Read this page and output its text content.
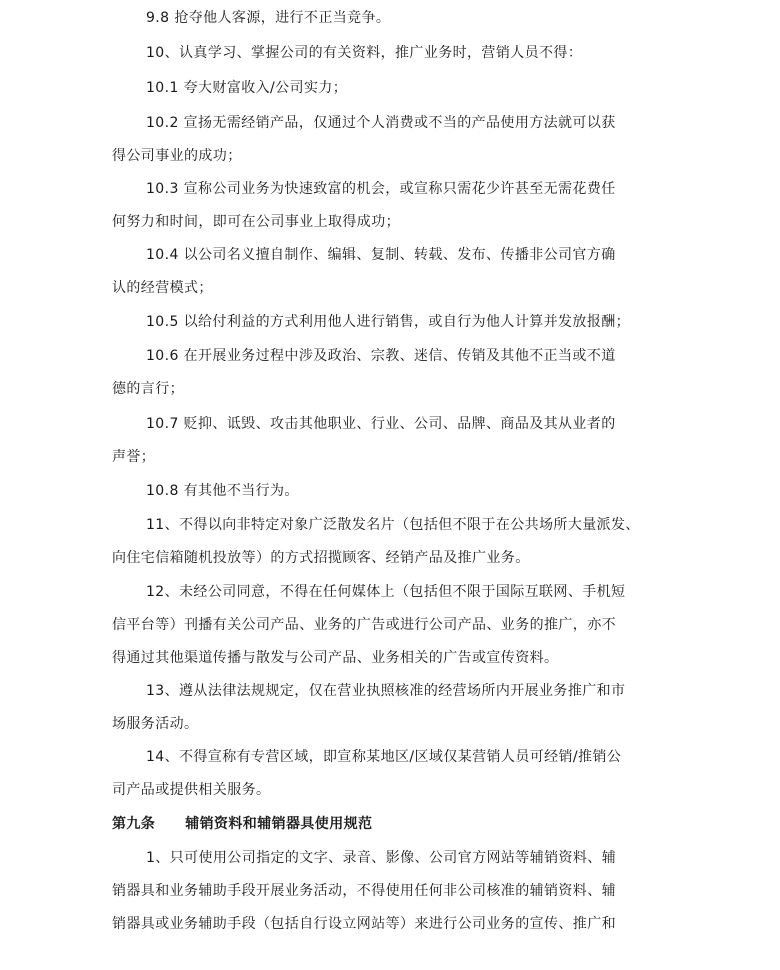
9.8 抢夺他人客源，进行不正当竞争。

10、认真学习、掌握公司的有关资料，推广业务时，营销人员不得：

10.1 夸大财富收入/公司实力；

10.2 宣扬无需经销产品，仅通过个人消费或不当的产品使用方法就可以获
得公司事业的成功；

10.3 宣称公司业务为快速致富的机会，或宣称只需花少许甚至无需花费任
何努力和时间，即可在公司事业上取得成功；

10.4 以公司名义擅自制作、编辑、复制、转载、发布、传播非公司官方确
认的经营模式；

10.5 以给付利益的方式利用他人进行销售，或自行为他人计算并发放报酬；

10.6 在开展业务过程中涉及政治、宗教、迷信、传销及其他不正当或不道
德的言行；

10.7 贬抑、诋毁、攻击其他职业、行业、公司、品牌、商品及其从业者的
声誉；

10.8 有其他不当行为。

11、不得以向非特定对象广泛散发名片（包括但不限于在公共场所大量派发、
向住宅信箱随机投放等）的方式招揽顾客、经销产品及推广业务。

12、未经公司同意，不得在任何媒体上（包括但不限于国际互联网、手机短
信平台等）刊播有关公司产品、业务的广告或进行公司产品、业务的推广，亦不
得通过其他渠道传播与散发与公司产品、业务相关的广告或宣传资料。

13、遵从法律法规规定，仅在营业执照核准的经营场所内开展业务推广和市
场服务活动。

14、不得宣称有专营区域，即宣称某地区/区域仅某营销人员可经销/推销公
司产品或提供相关服务。

第九条 辅销资料和辅销器具使用规范

1、只可使用公司指定的文字、录音、影像、公司官方网站等辅销资料、辅
销器具和业务辅助手段开展业务活动，不得使用任何非公司核准的辅销资料、辅
销器具或业务辅助手段（包括自行设立网站等）来进行公司业务的宣传、推广和
